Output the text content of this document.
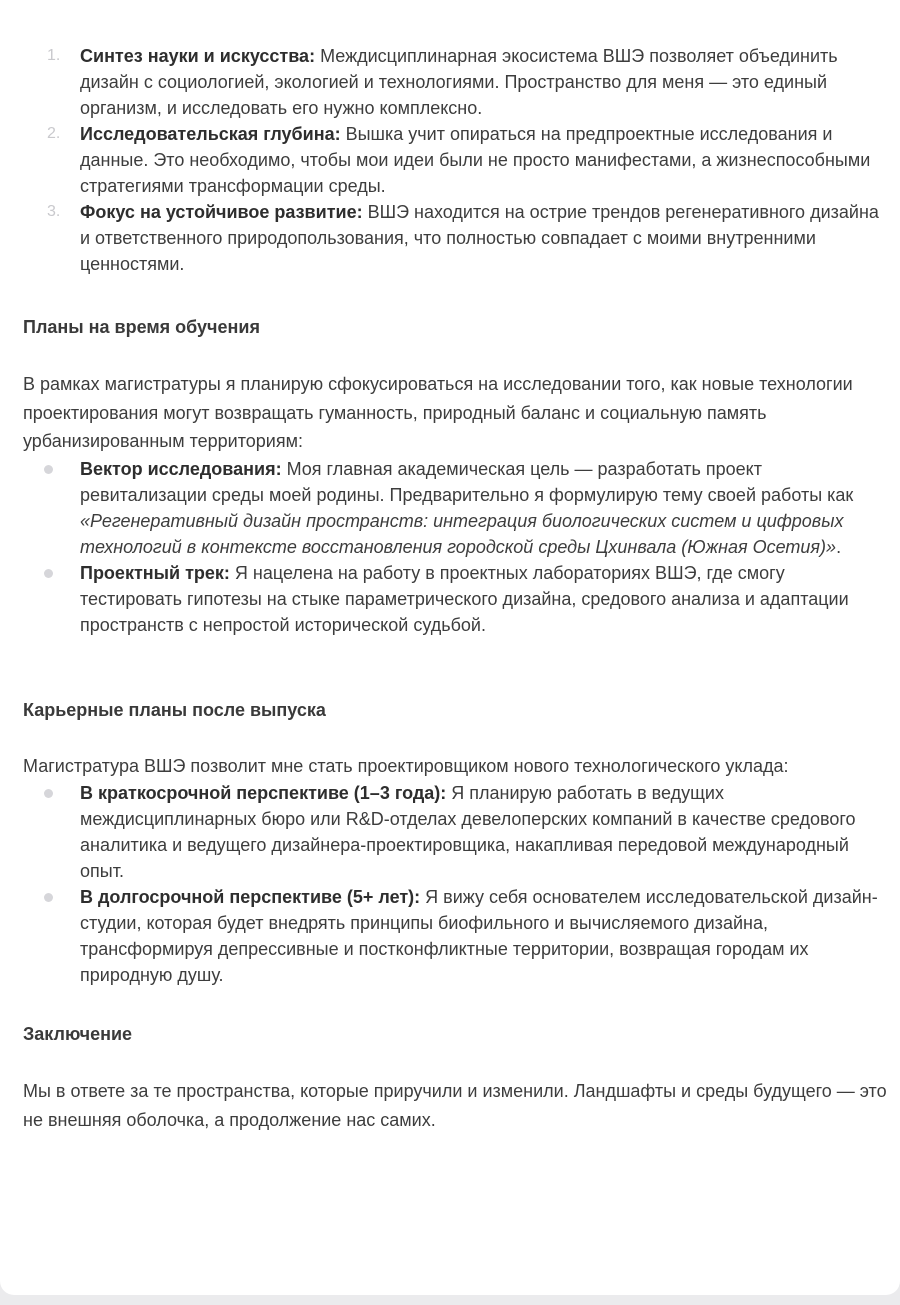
1. Синтез науки и искусства: Междисциплинарная экосистема ВШЭ позволяет объединить дизайн с социологией, экологией и технологиями. Пространство для меня — это единый организм, и исследовать его нужно комплексно.
2. Исследовательская глубина: Вышка учит опираться на предпроектные исследования и данные. Это необходимо, чтобы мои идеи были не просто манифестами, а жизнеспособными стратегиями трансформации среды.
3. Фокус на устойчивое развитие: ВШЭ находится на острие трендов регенеративного дизайна и ответственного природопользования, что полностью совпадает с моими внутренними ценностями.
Планы на время обучения

В рамках магистратуры я планирую сфокусироваться на исследовании того, как новые технологии проектирования могут возвращать гуманность, природный баланс и социальную память урбанизированным территориям:

Вектор исследования: Моя главная академическая цель — разработать проект ревитализации среды моей родины. Предварительно я формулирую тему своей работы как «Регенеративный дизайн пространств: интеграция биологических систем и цифровых технологий в контексте восстановления городской среды Цхинвала (Южная Осетия)».
Проектный трек: Я нацелена на работу в проектных лабораториях ВШЭ, где смогу тестировать гипотезы на стыке параметрического дизайна, средового анализа и адаптации пространств с непростой исторической судьбой.
Карьерные планы после выпуска

Магистратура ВШЭ позволит мне стать проектировщиком нового технологического уклада:

В краткосрочной перспективе (1–3 года): Я планирую работать в ведущих междисциплинарных бюро или R&D-отделах девелоперских компаний в качестве средового аналитика и ведущего дизайнера-проектировщика, накапливая передовой международный опыт.
В долгосрочной перспективе (5+ лет): Я вижу себя основателем исследовательской дизайн-студии, которая будет внедрять принципы биофильного и вычисляемого дизайна, трансформируя депрессивные и постконфликтные территории, возвращая городам их природную душу.
Заключение

Мы в ответе за те пространства, которые приручили и изменили. Ландшафты и среды будущего — это не внешняя оболочка, а продолжение нас самих.
